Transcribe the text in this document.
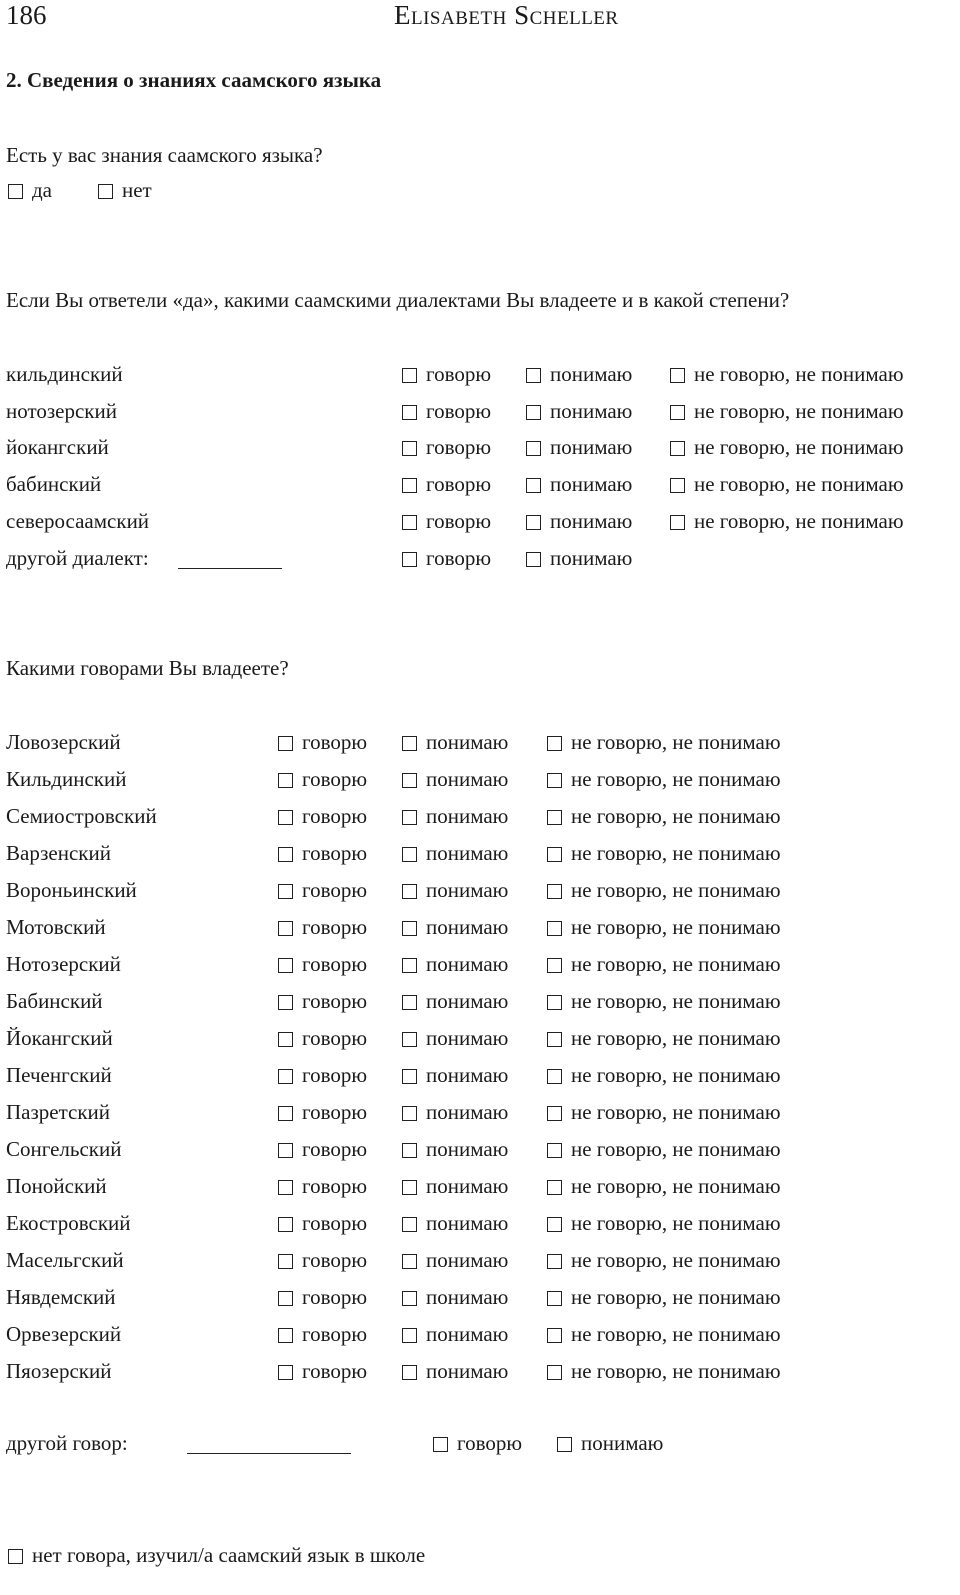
186	Elisabeth Scheller
2. Сведения о знаниях саамского языка
Есть у вас знания саамского языка?
да	нет
Если Вы ответели «да», какими саамскими диалектами Вы владеете и в какой степени?
кильдинский	говорю	понимаю	не говорю, не понимаю
нотозерский	говорю	понимаю	не говорю, не понимаю
йокангский	говорю	понимаю	не говорю, не понимаю
бабинский	говорю	понимаю	не говорю, не понимаю
северосаамский	говорю	понимаю	не говорю, не понимаю
другой диалект:	говорю	понимаю
Какими говорами Вы владеете?
Ловозерский	говорю	понимаю	не говорю, не понимаю
Кильдинский	говорю	понимаю	не говорю, не понимаю
Семиостровский	говорю	понимаю	не говорю, не понимаю
Варзенский	говорю	понимаю	не говорю, не понимаю
Вороньинский	говорю	понимаю	не говорю, не понимаю
Мотовский	говорю	понимаю	не говорю, не понимаю
Нотозерский	говорю	понимаю	не говорю, не понимаю
Бабинский	говорю	понимаю	не говорю, не понимаю
Йокангский	говорю	понимаю	не говорю, не понимаю
Печенгский	говорю	понимаю	не говорю, не понимаю
Пазретский	говорю	понимаю	не говорю, не понимаю
Сонгельский	говорю	понимаю	не говорю, не понимаю
Понойский	говорю	понимаю	не говорю, не понимаю
Екостровский	говорю	понимаю	не говорю, не понимаю
Масельгский	говорю	понимаю	не говорю, не понимаю
Нявдемский	говорю	понимаю	не говорю, не понимаю
Орвезерский	говорю	понимаю	не говорю, не понимаю
Пяозерский	говорю	понимаю	не говорю, не понимаю
другой говор:	говорю	понимаю
нет говора, изучил/а саамский язык в школе
